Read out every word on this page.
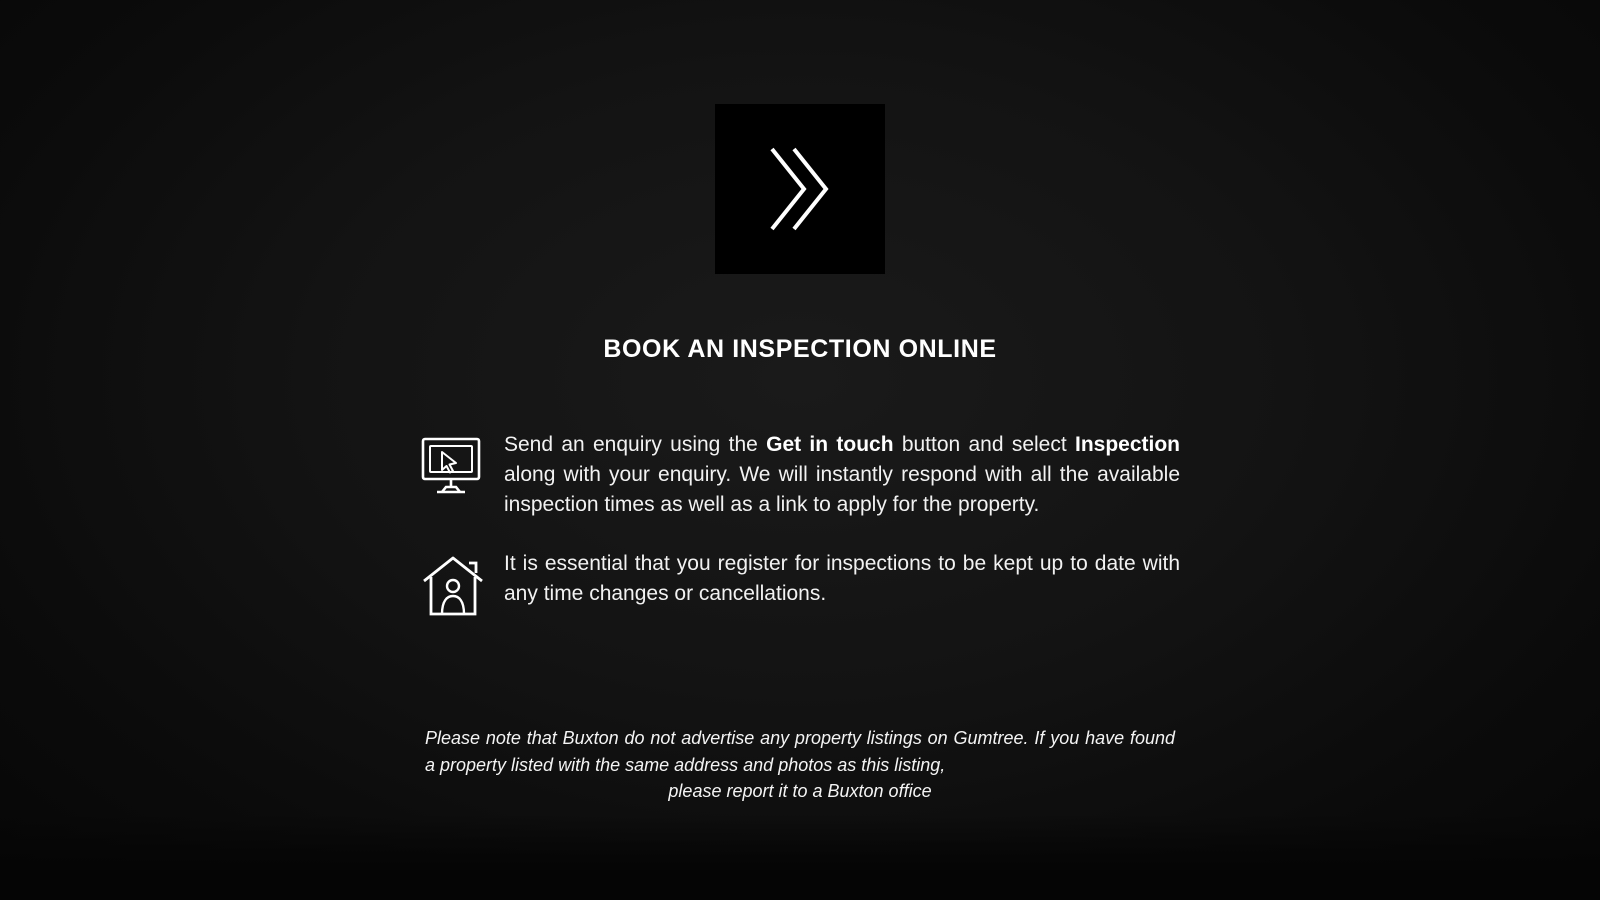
BOOK AN INSPECTION ONLINE
Send an enquiry using the Get in touch button and select Inspection along with your enquiry. We will instantly respond with all the available inspection times as well as a link to apply for the property.
It is essential that you register for inspections to be kept up to date with any time changes or cancellations.
Please note that Buxton do not advertise any property listings on Gumtree. If you have found a property listed with the same address and photos as this listing,
please report it to a Buxton office
